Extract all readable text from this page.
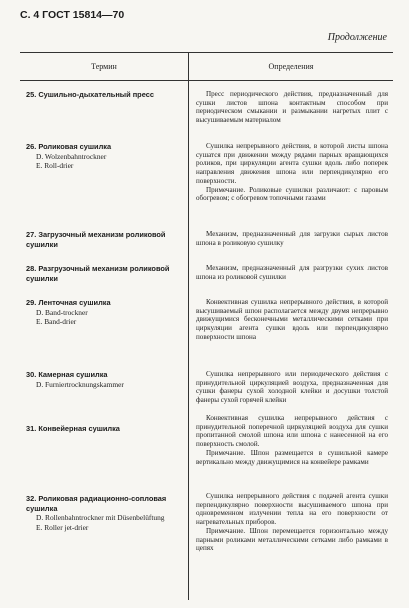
С. 4 ГОСТ 15814—70
Продолжение
Термин	Определения
25. Сушильно-дыхательный пресс	Пресс периодического действия, предназначенный для сушки листов шпона контактным способом при периодическом смыкании и размыкании нагретых плит с высушиваемым материалом

26. Роликовая сушилка
D. Wolzenbahntrockner
E. Roll-drier

Сушилка непрерывного действия, в которой листы шпона сушатся при движении между рядами парных вращающихся роликов, при циркуляции агента сушки вдоль либо поперек направления движения шпона или перпендикулярно его поверхности.

Примечание. Роликовые сушилки различают: с паровым обогревом; с обогревом топочными газами

27. Загрузочный механизм роликовой сушилки

Механизм, предназначенный для загрузки сырых листов шпона в роликовую сушилку

28. Разгрузочный механизм роликовой сушилки

Механизм, предназначенный для разгрузки сухих листов шпона из роликовой сушилки

29. Ленточная сушилка
D. Band-trockner
E. Band-drier

Конвективная сушилка непрерывного действия, в которой высушиваемый шпон располагается между двумя непрерывно движущимися бесконечными металлическими сетками при циркуляции агента сушки вдоль или перпендикулярно поверхности шпона

30. Камерная сушилка
D. Furniertrocknungskammer

Сушилка непрерывного или периодического действия с принудительной циркуляцией воздуха, предназначенная для сушки фанеры сухой холодной клейки и досушки толстой фанеры сухой горячей клейки

31. Конвейерная сушилка

Конвективная сушилка непрерывного действия с принудительной поперечной циркуляцией воздуха для сушки пропитанной смолой шпона или шпона с нанесенной на его поверхность смолой.

Примечание. Шпон размещается в сушильной камере вертикально между движущимися на конвейере рамками

32. Роликовая радиационно-сопловая сушилка
D. Rollenbahntrockner mit Düsenbelüftung
E. Roller jet-drier

Сушилка непрерывного действия с подачей агента сушки перпендикулярно поверхности высушиваемого шпона при одновременном излучении тепла на его поверхности от нагревательных приборов.

Примечание. Шпон перемещается горизонтально между парными роликами металлическими сетками либо рамками в цепях
